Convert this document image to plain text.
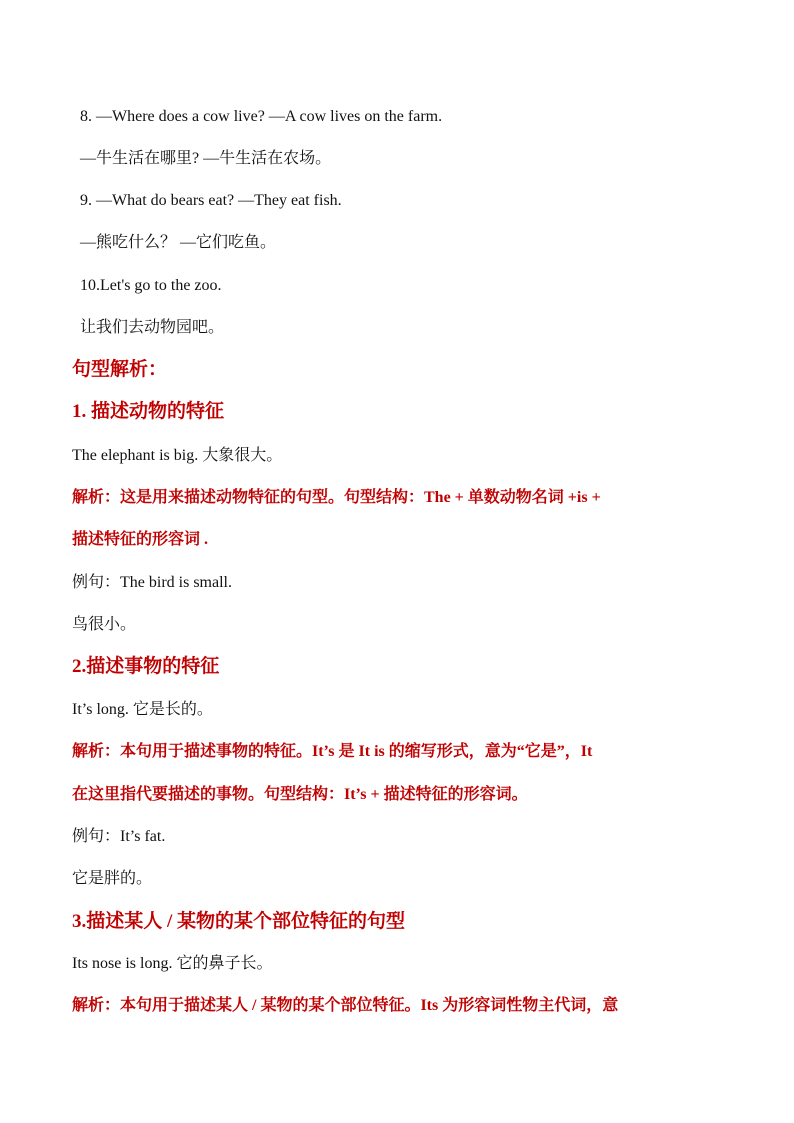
8. —Where does a cow live? —A cow lives on the farm.
—牛生活在哪里? —牛生活在农场。
9. —What do bears eat? —They eat fish.
—熊吃什么？ —它们吃鱼。
10.Let's go to the zoo.
让我们去动物园吧。
句型解析：
1. 描述动物的特征
The elephant is big. 大象很大。
解析：这是用来描述动物特征的句型。句型结构：The + 单数动物名词 +is +
描述特征的形容词 .
例句：The bird is small.
鸟很小。
2.描述事物的特征
It’s long. 它是长的。
解析：本句用于描述事物的特征。It’s 是 It is 的缩写形式，意为“它是”，It
在这里指代要描述的事物。句型结构：It’s + 描述特征的形容词。
例句：It’s fat.
它是胖的。
3.描述某人 / 某物的某个部位特征的句型
Its nose is long. 它的鼻子长。
解析：本句用于描述某人 / 某物的某个部位特征。Its 为形容词性物主代词，意
